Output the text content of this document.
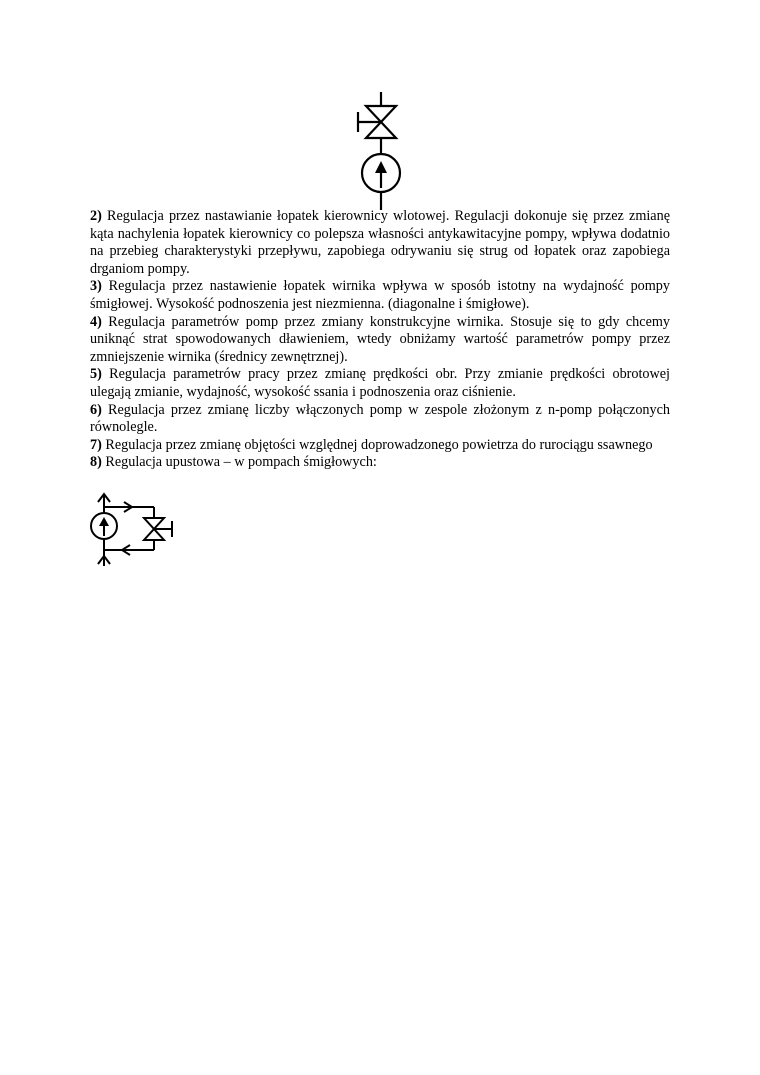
2) Regulacja przez nastawianie łopatek kierownicy wlotowej. Regulacji dokonuje się przez zmianę kąta nachylenia łopatek kierownicy co polepsza własności antykawitacyjne pompy, wpływa dodatnio na przebieg charakterystyki przepływu, zapobiega odrywaniu się strug od łopatek oraz zapobiega drganiom pompy.

3) Regulacja przez nastawienie łopatek wirnika wpływa w sposób istotny na wydajność pompy śmigłowej. Wysokość podnoszenia jest niezmienna. (diagonalne i śmigłowe).

4) Regulacja parametrów pomp przez zmiany konstrukcyjne wirnika. Stosuje się to gdy chcemy uniknąć strat spowodowanych dławieniem, wtedy obniżamy wartość parametrów pompy przez zmniejszenie wirnika (średnicy zewnętrznej).

5) Regulacja parametrów pracy przez zmianę prędkości obr. Przy zmianie prędkości obrotowej ulegają zmianie, wydajność, wysokość ssania i podnoszenia oraz ciśnienie.

6) Regulacja przez zmianę liczby włączonych pomp w zespole złożonym z n-pomp połączonych równolegle.

7) Regulacja przez zmianę objętości względnej doprowadzonego powietrza do rurociągu ssawnego

8) Regulacja upustowa – w pompach śmigłowych:
